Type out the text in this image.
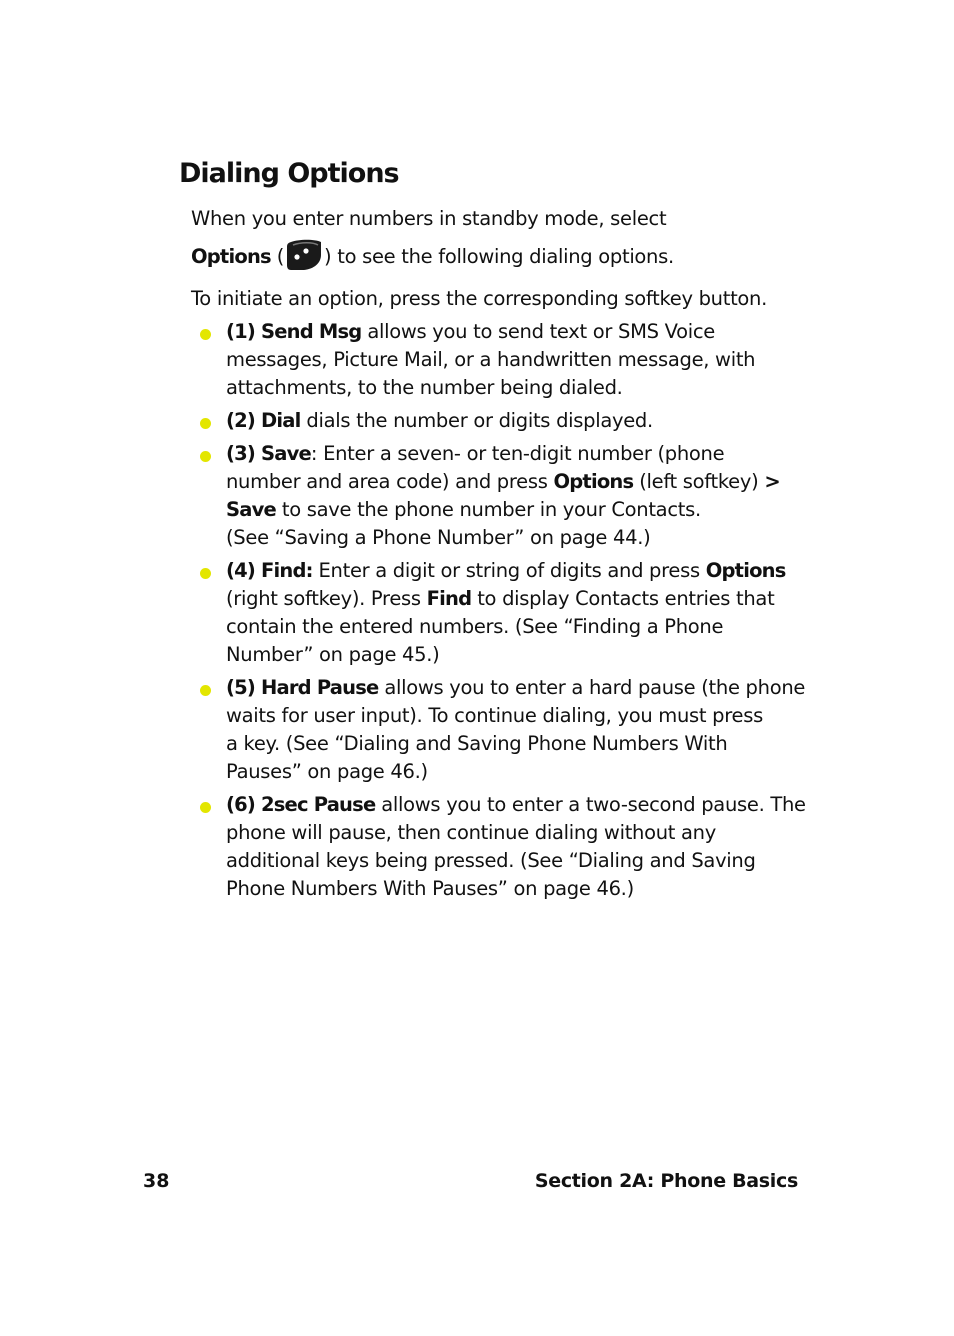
Dialing Options

When you enter numbers in standby mode, select

Options ( ) to see the following dialing options.

To initiate an option, press the corresponding softkey button.

(1) Send Msg allows you to send text or SMS Voice
messages, Picture Mail, or a handwritten message, with
attachments, to the number being dialed.
(2) Dial dials the number or digits displayed.
(3) Save: Enter a seven- or ten-digit number (phone
number and area code) and press Options (left softkey) >
Save to save the phone number in your Contacts.
(See “Saving a Phone Number” on page 44.)
(4) Find: Enter a digit or string of digits and press Options
(right softkey). Press Find to display Contacts entries that
contain the entered numbers. (See “Finding a Phone
Number” on page 45.)
(5) Hard Pause allows you to enter a hard pause (the phone
waits for user input). To continue dialing, you must press
a key. (See “Dialing and Saving Phone Numbers With
Pauses” on page 46.)
(6) 2sec Pause allows you to enter a two-second pause. The
phone will pause, then continue dialing without any
additional keys being pressed. (See “Dialing and Saving
Phone Numbers With Pauses” on page 46.)
38	Section 2A: Phone Basics
